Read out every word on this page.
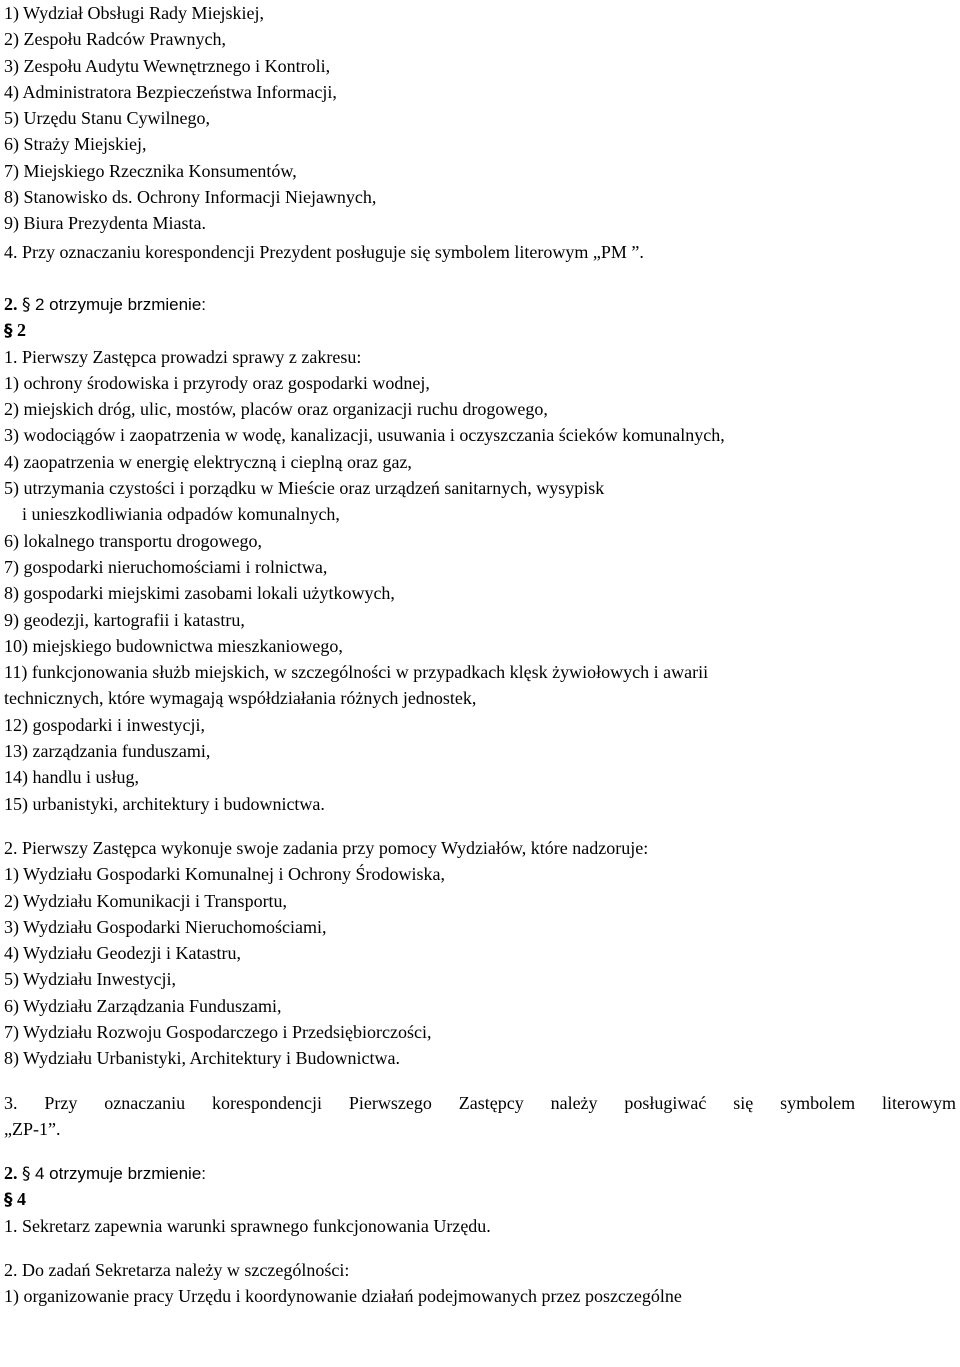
1) Wydział Obsługi Rady Miejskiej,
2) Zespołu Radców Prawnych,
3) Zespołu Audytu Wewnętrznego i Kontroli,
4) Administratora Bezpieczeństwa Informacji,
5) Urzędu Stanu Cywilnego,
6) Straży Miejskiej,
7) Miejskiego Rzecznika Konsumentów,
8) Stanowisko ds. Ochrony Informacji Niejawnych,
9) Biura Prezydenta Miasta.
4. Przy oznaczaniu korespondencji Prezydent posługuje się symbolem literowym „PM ”.
2. § 2 otrzymuje brzmienie:
§ 2
1. Pierwszy Zastępca prowadzi sprawy z zakresu:
1) ochrony środowiska i przyrody oraz gospodarki wodnej,
2) miejskich dróg, ulic, mostów, placów oraz organizacji ruchu drogowego,
3) wodociągów i zaopatrzenia w wodę, kanalizacji, usuwania i oczyszczania ścieków komunalnych,
4) zaopatrzenia w energię elektryczną i cieplną oraz gaz,
5) utrzymania czystości i porządku w Mieście oraz urządzeń sanitarnych, wysypisk
i unieszkodliwiania odpadów komunalnych,
6) lokalnego transportu drogowego,
7) gospodarki nieruchomościami i rolnictwa,
8) gospodarki miejskimi zasobami lokali użytkowych,
9) geodezji, kartografii i katastru,
10) miejskiego budownictwa mieszkaniowego,
11) funkcjonowania służb miejskich, w szczególności w przypadkach klęsk żywiołowych i awarii
technicznych, które wymagają współdziałania różnych jednostek,
12) gospodarki i inwestycji,
13) zarządzania funduszami,
14) handlu i usług,
15) urbanistyki, architektury i budownictwa.
2. Pierwszy Zastępca wykonuje swoje zadania przy pomocy Wydziałów, które nadzoruje:
1) Wydziału Gospodarki Komunalnej i Ochrony Środowiska,
2) Wydziału Komunikacji i Transportu,
3) Wydziału Gospodarki Nieruchomościami,
4) Wydziału Geodezji i Katastru,
5) Wydziału Inwestycji,
6) Wydziału Zarządzania Funduszami,
7) Wydziału Rozwoju Gospodarczego i Przedsiębiorczości,
8) Wydziału Urbanistyki, Architektury i Budownictwa.
3. Przy oznaczaniu korespondencji Pierwszego Zastępcy należy posługiwać się symbolem literowym
„ZP-1”.
2. § 4 otrzymuje brzmienie:
§ 4
1. Sekretarz zapewnia warunki sprawnego funkcjonowania Urzędu.
2. Do zadań Sekretarza należy w szczególności:
1) organizowanie pracy Urzędu i koordynowanie działań podejmowanych przez poszczególne
